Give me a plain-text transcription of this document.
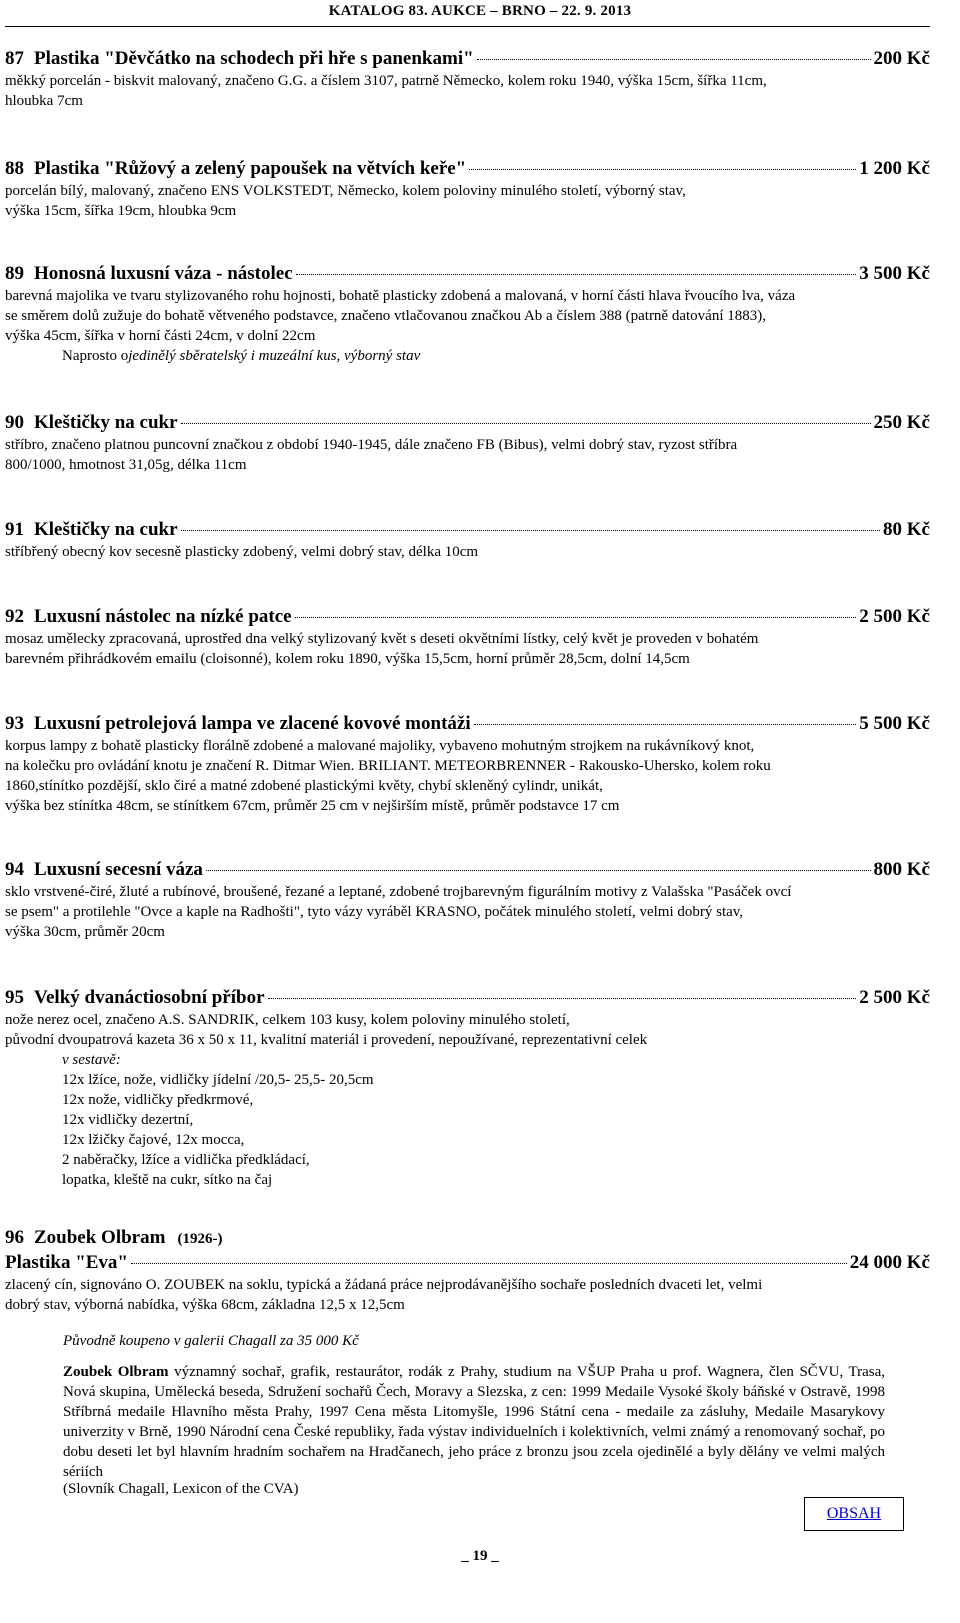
KATALOG 83. AUKCE – BRNO – 22. 9. 2013
87 Plastika "Děvčátko na schodech při hře s panenkami"	200 Kč

měkký porcelán - biskvit malovaný, značeno G.G. a číslem 3107, patrně Německo, kolem roku 1940, výška 15cm, šířka 11cm,

hloubka 7cm

88 Plastika "Růžový a zelený papoušek na větvích keře"	1 200 Kč

porcelán bílý, malovaný, značeno ENS VOLKSTEDT, Německo, kolem poloviny minulého století, výborný stav,

výška 15cm, šířka 19cm, hloubka 9cm

89 Honosná luxusní váza - nástolec	3 500 Kč

barevná majolika ve tvaru stylizovaného rohu hojnosti, bohatě plasticky zdobená a malovaná, v horní části hlava řvoucího lva, váza

se směrem dolů zužuje do bohatě větveného podstavce, značeno vtlačovanou značkou Ab a číslem 388 (patrně datování 1883),

výška 45cm, šířka v horní části 24cm, v dolní 22cm

Naprosto ojedinělý sběratelský i muzeální kus, výborný stav

90 Kleštičky na cukr	250 Kč

stříbro, značeno platnou puncovní značkou z období 1940-1945, dále značeno FB (Bibus), velmi dobrý stav, ryzost stříbra

800/1000, hmotnost 31,05g, délka 11cm

91 Kleštičky na cukr	80 Kč

stříbřený obecný kov secesně plasticky zdobený, velmi dobrý stav, délka 10cm

92 Luxusní nástolec na nízké patce	2 500 Kč

mosaz umělecky zpracovaná, uprostřed dna velký stylizovaný květ s deseti okvětními lístky, celý květ je proveden v bohatém

barevném přihrádkovém emailu (cloisonné), kolem roku 1890, výška 15,5cm, horní průměr 28,5cm, dolní 14,5cm

93 Luxusní petrolejová lampa ve zlacené kovové montáži	5 500 Kč

korpus lampy z bohatě plasticky florálně zdobené a malované majoliky, vybaveno mohutným strojkem na rukávníkový knot,

na kolečku pro ovládání knotu je značení R. Ditmar Wien. BRILIANT. METEORBRENNER - Rakousko-Uhersko, kolem roku

1860,stínítko pozdější, sklo čiré a matné zdobené plastickými květy, chybí skleněný cylindr, unikát,

výška bez stínítka 48cm, se stínítkem 67cm, průměr 25 cm v nejširším místě, průměr podstavce 17 cm

94 Luxusní secesní váza	800 Kč

sklo vrstvené-čiré, žluté a rubínové, broušené, řezané a leptané, zdobené trojbarevným figurálním motivy z Valašska "Pasáček ovcí

se psem" a protilehle "Ovce a kaple na Radhošti", tyto vázy vyráběl KRASNO, počátek minulého století, velmi dobrý stav,

výška 30cm, průměr 20cm

95 Velký dvanáctiosobní příbor	2 500 Kč

nože nerez ocel, značeno A.S. SANDRIK, celkem 103 kusy, kolem poloviny minulého století,

původní dvoupatrová kazeta 36 x 50 x 11, kvalitní materiál i provedení, nepoužívané, reprezentativní celek

v sestavě:

12x lžíce, nože, vidličky jídelní /20,5- 25,5- 20,5cm

12x nože, vidličky předkrmové,

12x vidličky dezertní,

12x lžičky čajové, 12x mocca,

2 naběračky, lžíce a vidlička předkládací,

lopatka, kleště na cukr, sítko na čaj

96 Zoubek Olbram (1926-)
Plastika "Eva"	24 000 Kč

zlacený cín, signováno O. ZOUBEK na soklu, typická a žádaná práce nejprodávanějšího sochaře posledních dvaceti let, velmi

dobrý stav, výborná nabídka, výška 68cm, základna 12,5 x 12,5cm

Původně koupeno v galerii Chagall za 35 000 Kč
Zoubek Olbram významný sochař, grafik, restaurátor, rodák z Prahy, studium na VŠUP Praha u prof. Wagnera, člen SČVU, Trasa, Nová skupina, Umělecká beseda, Sdružení sochařů Čech, Moravy a Slezska, z cen: 1999 Medaile Vysoké školy báňské v Ostravě, 1998 Stříbrná medaile Hlavního města Prahy, 1997 Cena města Litomyšle, 1996 Státní cena - medaile za zásluhy, Medaile Masarykovy univerzity v Brně, 1990 Národní cena České republiky, řada výstav individuelních i kolektivních, velmi známý a renomovaný sochař, po dobu deseti let byl hlavním hradním sochařem na Hradčanech, jeho práce z bronzu jsou zcela ojedinělé a byly dělány ve velmi malých sériích
(Slovník Chagall, Lexicon of the CVA)
OBSAH
_ 19 _
